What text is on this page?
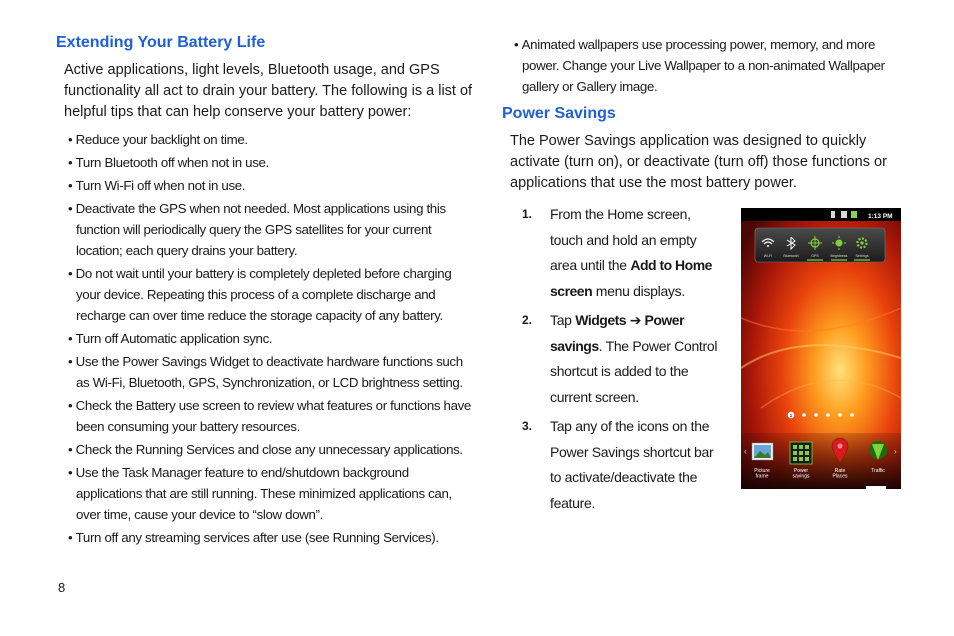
Extending Your Battery Life

Active applications, light levels, Bluetooth usage, and GPS functionality all act to drain your battery. The following is a list of helpful tips that can help conserve your battery power:

• Reduce your backlight on time.
• Turn Bluetooth off when not in use.
• Turn Wi-Fi off when not in use.
• Deactivate the GPS when not needed. Most applications using this function will periodically query the GPS satellites for your current location; each query drains your battery.
• Do not wait until your battery is completely depleted before charging your device. Repeating this process of a complete discharge and recharge can over time reduce the storage capacity of any battery.
• Turn off Automatic application sync.
• Use the Power Savings Widget to deactivate hardware functions such as Wi-Fi, Bluetooth, GPS, Synchronization, or LCD brightness setting.
• Check the Battery use screen to review what features or functions have been consuming your battery resources.
• Check the Running Services and close any unnecessary applications.
• Use the Task Manager feature to end/shutdown background applications that are still running. These minimized applications can, over time, cause your device to “slow down”.
• Turn off any streaming services after use (see Running Services).
• Animated wallpapers use processing power, memory, and more power. Change your Live Wallpaper to a non-animated Wallpaper gallery or Gallery image.
Power Savings

The Power Savings application was designed to quickly activate (turn on), or deactivate (turn off) those functions or applications that use the most battery power.

1. From the Home screen, touch and hold an empty area until the Add to Home screen menu displays.
2. Tap Widgets ➔ Power savings. The Power Control shortcut is added to the current screen.
3. Tap any of the icons on the Power Savings shortcut bar to activate/deactivate the feature.
1:13 PM
Wi-Fi	Bluetooth	GPS	Brightness Settings
1
‹	›
Picture frame
Power savings
Rate Places
Traffic
8
